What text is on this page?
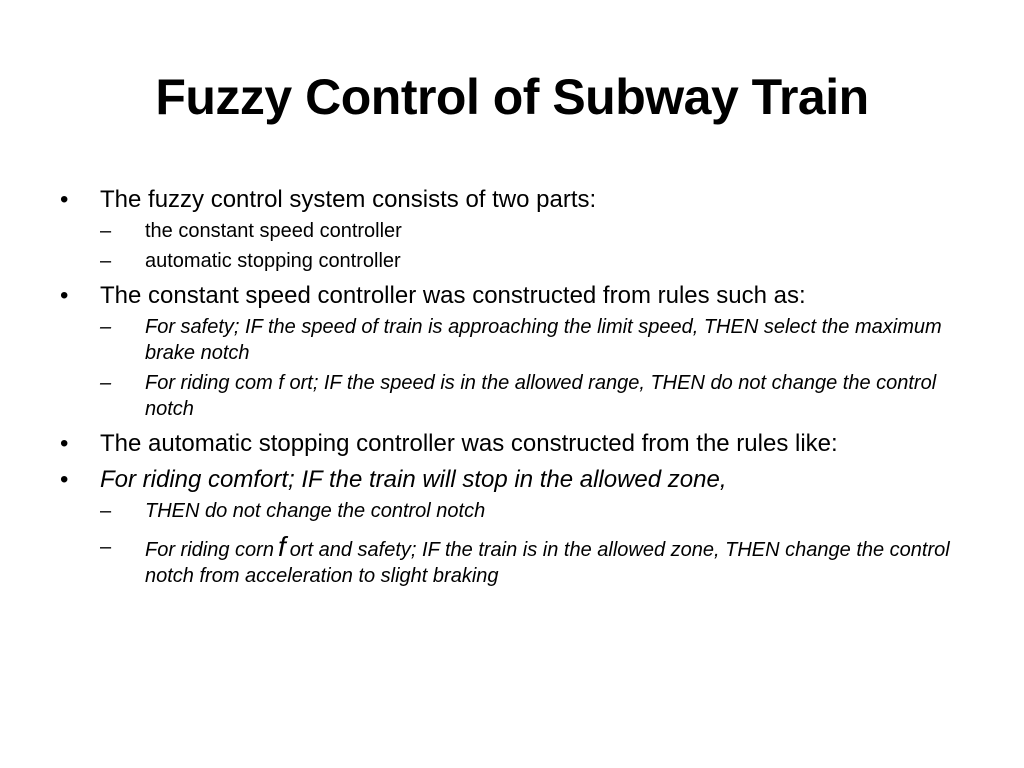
Fuzzy Control of Subway Train
•	The fuzzy control system consists of two parts:
–	the constant speed controller
–	automatic stopping controller
•	The constant speed controller was constructed from rules such as:
–	For safety; IF the speed of train is approaching the limit speed, THEN select the maximum brake notch
–	For riding com f ort; IF the speed is in the allowed range, THEN do not change the control notch
•	The automatic stopping controller was constructed from the rules like:
•	For riding comfort; IF the train will stop in the allowed zone,
–	THEN do not change the control notch
–	For riding corn f ort and safety; IF the train is in the allowed zone, THEN change the control notch from acceleration to slight braking
